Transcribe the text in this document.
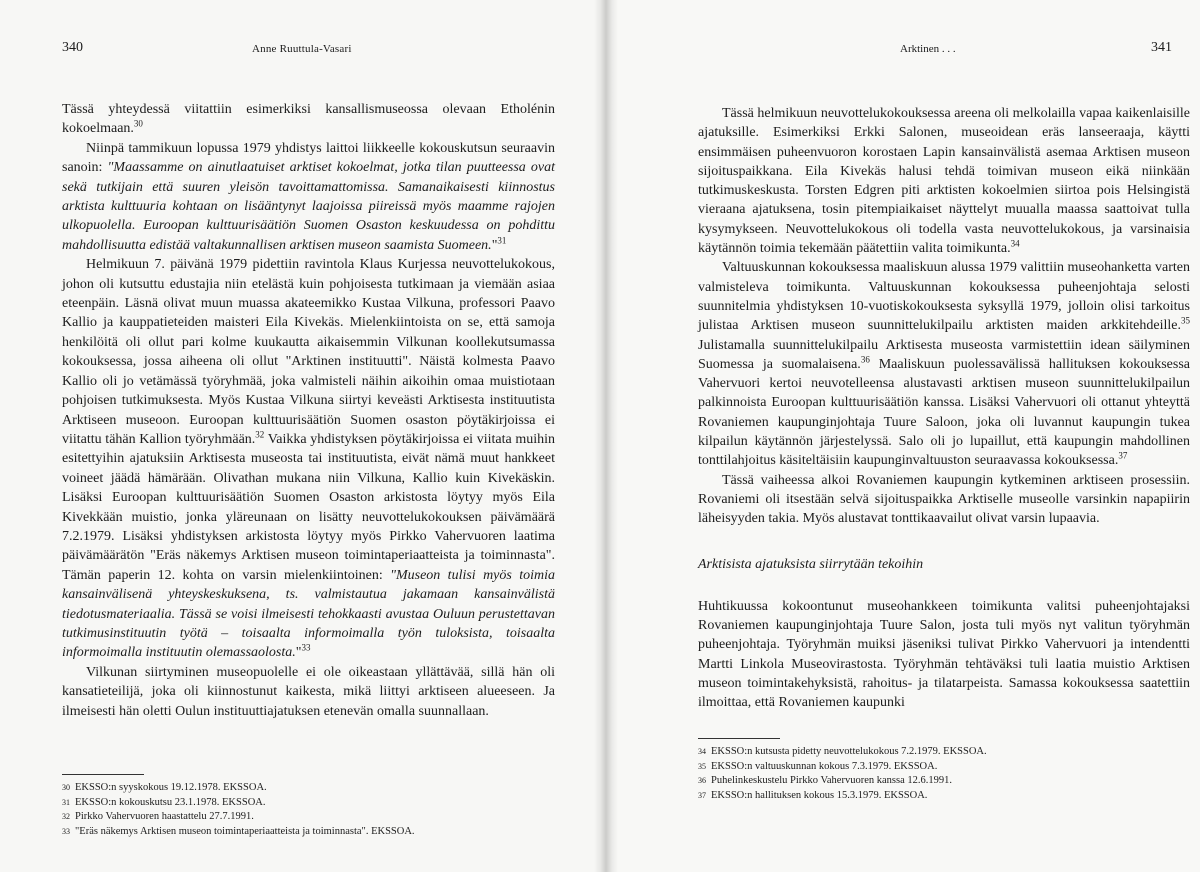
340	Anne Ruuttula-Vasari

Tässä yhteydessä viitattiin esimerkiksi kansallismuseossa olevaan Etholénin kokoelmaan.$^{30}$

Niinpä tammikuun lopussa 1979 yhdistys laittoi liikkeelle kokouskutsun seuraavin sanoin: "Maassamme on ainutlaatuiset arktiset kokoelmat, jotka tilan puutteessa ovat sekä tutkijain että suuren yleisön tavoittamattomissa. Samanaikaisesti kiinnostus arktista kulttuuria kohtaan on lisääntynyt laajoissa piireissä myös maamme rajojen ulkopuolella. Euroopan kulttuurisäätiön Suomen Osaston keskuudessa on pohdittu mahdollisuutta edistää valtakunnallisen arktisen museon saamista Suomeen."$^{31}$

Helmikuun 7. päivänä 1979 pidettiin ravintola Klaus Kurjessa neuvottelukokous, johon oli kutsuttu edustajia niin etelästä kuin pohjoisesta tutkimaan ja viemään asiaa eteenpäin. Läsnä olivat muun muassa akateemikko Kustaa Vilkuna, professori Paavo Kallio ja kauppatieteiden maisteri Eila Kivekäs. Mielenkiintoista on se, että samoja henkilöitä oli ollut pari kolme kuukautta aikaisemmin Vilkunan koollekutsumassa kokouksessa, jossa aiheena oli ollut "Arktinen instituutti". Näistä kolmesta Paavo Kallio oli jo vetämässä työryhmää, joka valmisteli näihin aikoihin omaa muistiotaan pohjoisen tutkimuksesta. Myös Kustaa Vilkuna siirtyi keveästi Arktisesta instituutista Arktiseen museoon. Euroopan kulttuurisäätiön Suomen osaston pöytäkirjoissa ei viitattu tähän Kallion työryhmään.$^{32}$ Vaikka yhdistyksen pöytäkirjoissa ei viitata muihin esitettyihin ajatuksiin Arktisesta museosta tai instituutista, eivät nämä muut hankkeet voineet jäädä hämärään. Olivathan mukana niin Vilkuna, Kallio kuin Kivekäskin. Lisäksi Euroopan kulttuurisäätiön Suomen Osaston arkistosta löytyy myös Eila Kivekkään muistio, jonka yläreunaan on lisätty neuvottelukokouksen päivämäärä 7.2.1979. Lisäksi yhdistyksen arkistosta löytyy myös Pirkko Vahervuoren laatima päivämäärätön "Eräs näkemys Arktisen museon toimintaperiaatteista ja toiminnasta". Tämän paperin 12. kohta on varsin mielenkiintoinen: "Museon tulisi myös toimia kansainvälisenä yhteyskeskuksena, ts. valmistautua jakamaan kansainvälistä tiedotusmateriaalia. Tässä se voisi ilmeisesti tehokkaasti avustaa Ouluun perustettavan tutkimusinstituutin työtä – toisaalta informoimalla työn tuloksista, toisaalta informoimalla instituutin olemassaolosta."$^{33}$

Vilkunan siirtyminen museopuolelle ei ole oikeastaan yllättävää, sillä hän oli kansatieteilijä, joka oli kiinnostunut kaikesta, mikä liittyi arktiseen alueeseen. Ja ilmeisesti hän oletti Oulun instituuttiajatuksen etenevän omalla suunnallaan.

30 EKSSO:n syyskokous 19.12.1978. EKSSOA.
31 EKSSO:n kokouskutsu 23.1.1978. EKSSOA.
32 Pirkko Vahervuoren haastattelu 27.7.1991.
33 "Eräs näkemys Arktisen museon toimintaperiaatteista ja toiminnasta". EKSSOA.
Arktinen . . .	341

Tässä helmikuun neuvottelukokouksessa areena oli melkolailla vapaa kaikenlaisille ajatuksille. Esimerkiksi Erkki Salonen, museoidean eräs lanseeraaja, käytti ensimmäisen puheenvuoron korostaen Lapin kansainvälistä asemaa Arktisen museon sijoituspaikkana. Eila Kivekäs halusi tehdä toimivan museon eikä niinkään tutkimuskeskusta. Torsten Edgren piti arktisten kokoelmien siirtoa pois Helsingistä vieraana ajatuksena, tosin pitempiaikaiset näyttelyt muualla maassa saattoivat tulla kysymykseen. Neuvottelukokous oli todella vasta neuvottelukokous, ja varsinaisia käytännön toimia tekemään päätettiin valita toimikunta.$^{34}$

Valtuuskunnan kokouksessa maaliskuun alussa 1979 valittiin museohanketta varten valmisteleva toimikunta. Valtuuskunnan kokouksessa puheenjohtaja selosti suunnitelmia yhdistyksen 10-vuotiskokouksesta syksyllä 1979, jolloin olisi tarkoitus julistaa Arktisen museon suunnittelukilpailu arktisten maiden arkkitehdeille.$^{35}$ Julistamalla suunnittelukilpailu Arktisesta museosta varmistettiin idean säilyminen Suomessa ja suomalaisena.$^{36}$ Maaliskuun puolessavälissä hallituksen kokouksessa Vahervuori kertoi neuvotelleensa alustavasti arktisen museon suunnittelukilpailun palkinnoista Euroopan kulttuurisäätiön kanssa. Lisäksi Vahervuori oli ottanut yhteyttä Rovaniemen kaupunginjohtaja Tuure Saloon, joka oli luvannut kaupungin tukea kilpailun käytännön järjestelyssä. Salo oli jo lupaillut, että kaupungin mahdollinen tonttilahjoitus käsiteltäisiin kaupunginvaltuuston seuraavassa kokouksessa.$^{37}$

Tässä vaiheessa alkoi Rovaniemen kaupungin kytkeminen arktiseen prosessiin. Rovaniemi oli itsestään selvä sijoituspaikka Arktiselle museolle varsinkin napapiirin läheisyyden takia. Myös alustavat tonttikaavailut olivat varsin lupaavia.

Arktisista ajatuksista siirrytään tekoihin

Huhtikuussa kokoontunut museohankkeen toimikunta valitsi puheenjohtajaksi Rovaniemen kaupunginjohtaja Tuure Salon, josta tuli myös nyt valitun työryhmän puheenjohtaja. Työryhmän muiksi jäseniksi tulivat Pirkko Vahervuori ja intendentti Martti Linkola Museovirastosta. Työryhmän tehtäväksi tuli laatia muistio Arktisen museon toimintakehyksistä, rahoitus- ja tilatarpeista. Samassa kokouksessa saatettiin ilmoittaa, että Rovaniemen kaupunki

34 EKSSO:n kutsusta pidetty neuvottelukokous 7.2.1979. EKSSOA.
35 EKSSO:n valtuuskunnan kokous 7.3.1979. EKSSOA.
36 Puhelinkeskustelu Pirkko Vahervuoren kanssa 12.6.1991.
37 EKSSO:n hallituksen kokous 15.3.1979. EKSSOA.
